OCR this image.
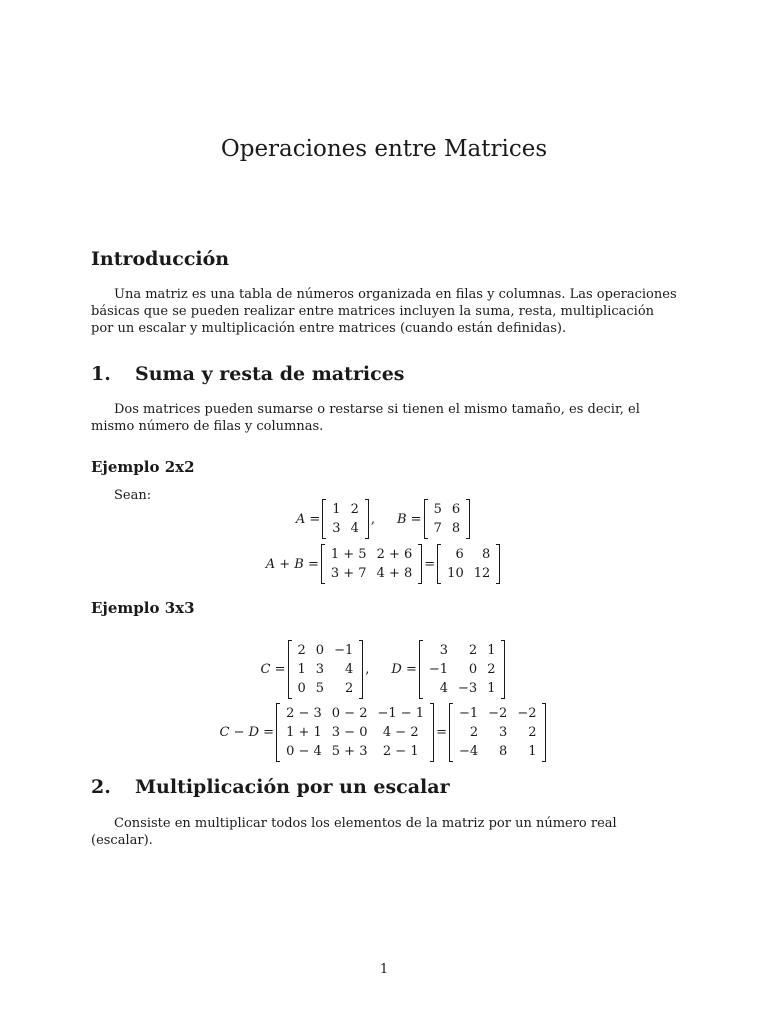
Operaciones entre Matrices
Introducción

Una matriz es una tabla de números organizada en filas y columnas. Las operaciones básicas que se pueden realizar entre matrices incluyen la suma, resta, multiplicación por un escalar y multiplicación entre matrices (cuando están definidas).

1. Suma y resta de matrices

Dos matrices pueden sumarse o restarse si tienen el mismo tamaño, es decir, el mismo número de filas y columnas.

Ejemplo 2x2

Sean:

A =
1	2
3	4
, B =
5	6
7	8
A + B =
1 + 5	2 + 6
3 + 7	4 + 8
=
6	8
10	12
Ejemplo 3x3
C =
2	0	−1
1	3	4
0	5	2
, D =
3	2	1
−1	0	2
4	−3	1
C − D =
2 − 3	0 − 2	−1 − 1
1 + 1	3 − 0	4 − 2
0 − 4	5 + 3	2 − 1
=
−1	−2	−2
2	3	2
−4	8	1
2. Multiplicación por un escalar

Consiste en multiplicar todos los elementos de la matriz por un número real (escalar).

1
